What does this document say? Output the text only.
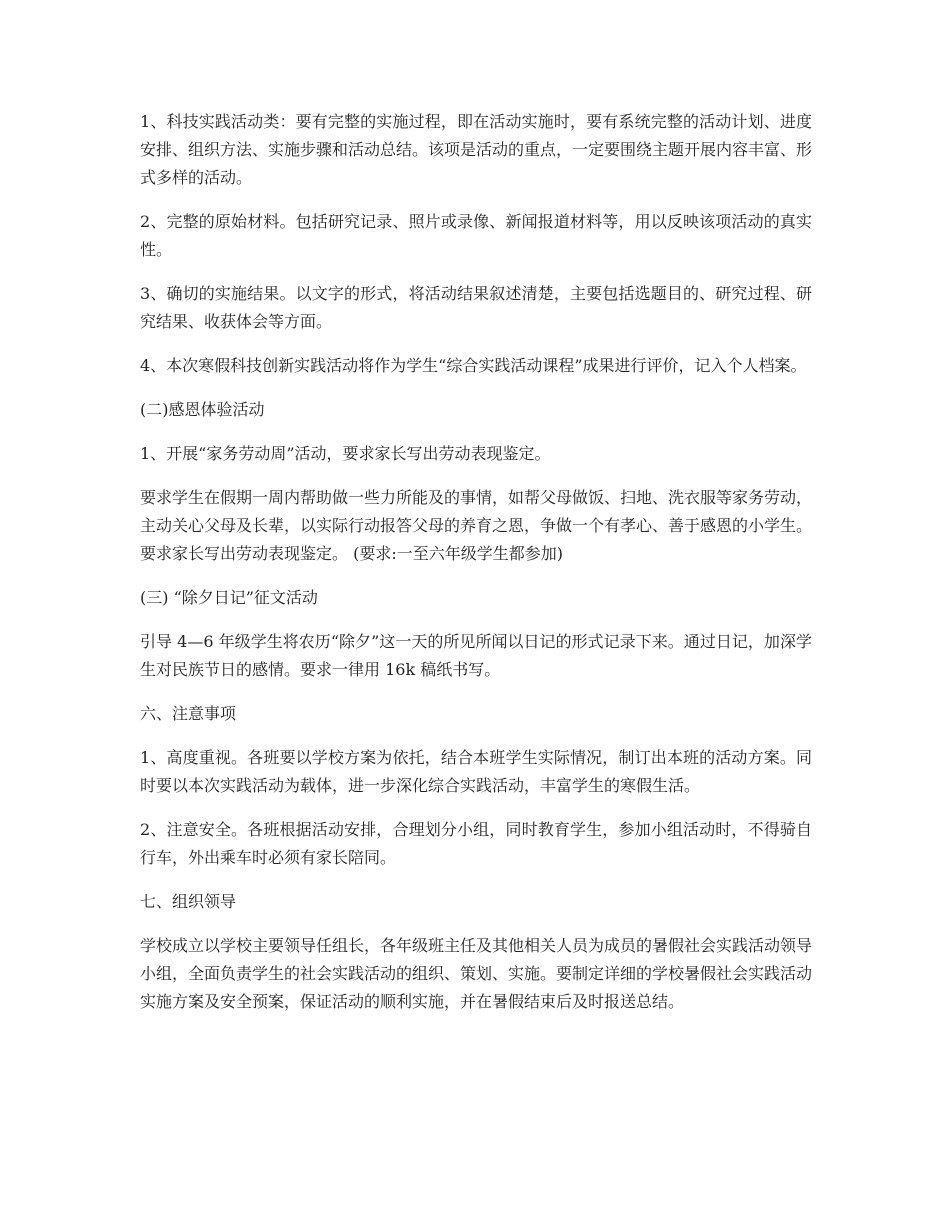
1、科技实践活动类：要有完整的实施过程，即在活动实施时，要有系统完整的活动计划、进度安排、组织方法、实施步骤和活动总结。该项是活动的重点，一定要围绕主题开展内容丰富、形式多样的活动。

2、完整的原始材料。包括研究记录、照片或录像、新闻报道材料等，用以反映该项活动的真实性。

3、确切的实施结果。以文字的形式，将活动结果叙述清楚，主要包括选题目的、研究过程、研究结果、收获体会等方面。

4、本次寒假科技创新实践活动将作为学生“综合实践活动课程”成果进行评价，记入个人档案。

(二)感恩体验活动

1、开展“家务劳动周”活动，要求家长写出劳动表现鉴定。

要求学生在假期一周内帮助做一些力所能及的事情，如帮父母做饭、扫地、洗衣服等家务劳动，主动关心父母及长辈，以实际行动报答父母的养育之恩，争做一个有孝心、善于感恩的小学生。要求家长写出劳动表现鉴定。 (要求:一至六年级学生都参加)

(三) “除夕日记”征文活动

引导 4—6 年级学生将农历“除夕”这一天的所见所闻以日记的形式记录下来。通过日记，加深学生对民族节日的感情。要求一律用 16k 稿纸书写。

六、注意事项

1、高度重视。各班要以学校方案为依托，结合本班学生实际情况，制订出本班的活动方案。同时要以本次实践活动为载体，进一步深化综合实践活动，丰富学生的寒假生活。

2、注意安全。各班根据活动安排，合理划分小组，同时教育学生，参加小组活动时，不得骑自行车，外出乘车时必须有家长陪同。

七、组织领导

学校成立以学校主要领导任组长，各年级班主任及其他相关人员为成员的暑假社会实践活动领导小组，全面负责学生的社会实践活动的组织、策划、实施。要制定详细的学校暑假社会实践活动实施方案及安全预案，保证活动的顺利实施，并在暑假结束后及时报送总结。
